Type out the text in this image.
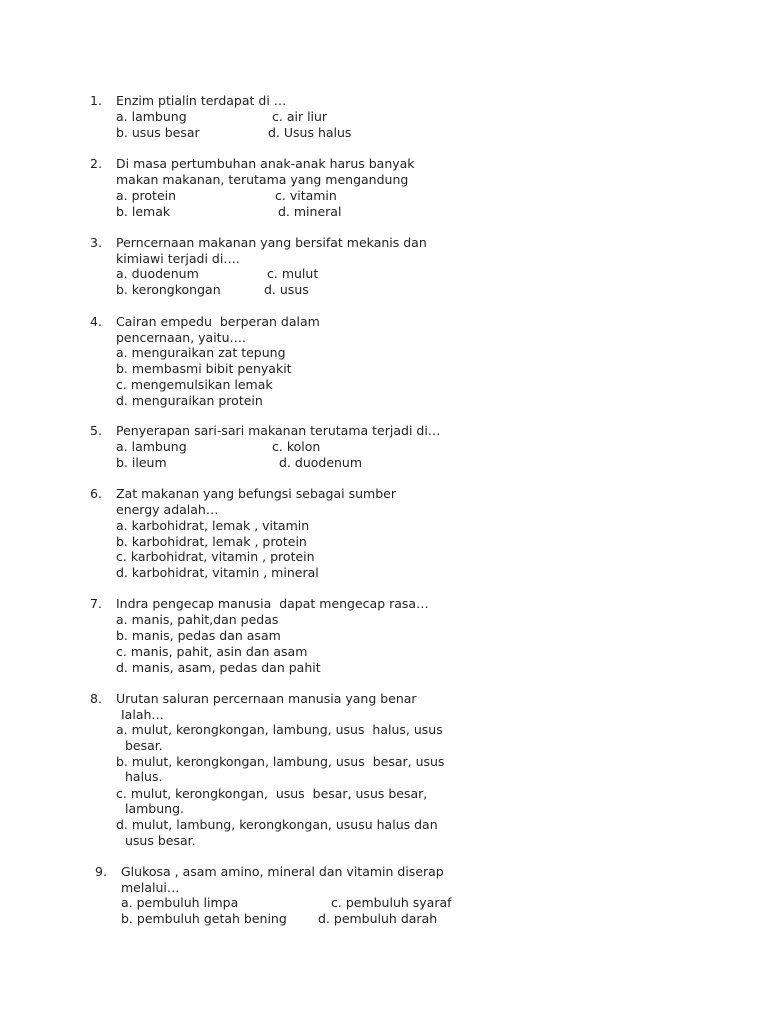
1. Enzim ptialin terdapat di …
a. lambung	c. air liur
b. usus besar	d. Usus halus
2. Di masa pertumbuhan anak-anak harus banyak
makan makanan, terutama yang mengandung
a. protein	c. vitamin
b. lemak	d. mineral
3. Perncernaan makanan yang bersifat mekanis dan
kimiawi terjadi di….
a. duodenum	c. mulut
b. kerongkongan	d. usus
4. Cairan empedu  berperan dalam
pencernaan, yaitu….
a. menguraikan zat tepung
b. membasmi bibit penyakit
c. mengemulsikan lemak
d. menguraikan protein
5. Penyerapan sari-sari makanan terutama terjadi di…
a. lambung	c. kolon
b. ileum	d. duodenum
6. Zat makanan yang befungsi sebagai sumber
energy adalah…
a. karbohidrat, lemak , vitamin
b. karbohidrat, lemak , protein
c. karbohidrat, vitamin , protein
d. karbohidrat, vitamin , mineral
7. Indra pengecap manusia  dapat mengecap rasa…
a. manis, pahit,dan pedas
b. manis, pedas dan asam
c. manis, pahit, asin dan asam
d. manis, asam, pedas dan pahit
8. Urutan saluran percernaan manusia yang benar
Ialah…
a. mulut, kerongkongan, lambung, usus  halus, usus
besar.
b. mulut, kerongkongan, lambung, usus  besar, usus
halus.
c. mulut, kerongkongan,  usus  besar, usus besar,
lambung.
d. mulut, lambung, kerongkongan, ususu halus dan
usus besar.
9. Glukosa , asam amino, mineral dan vitamin diserap
melalui…
a. pembuluh limpa	c. pembuluh syaraf
b. pembuluh getah bening d. pembuluh darah
